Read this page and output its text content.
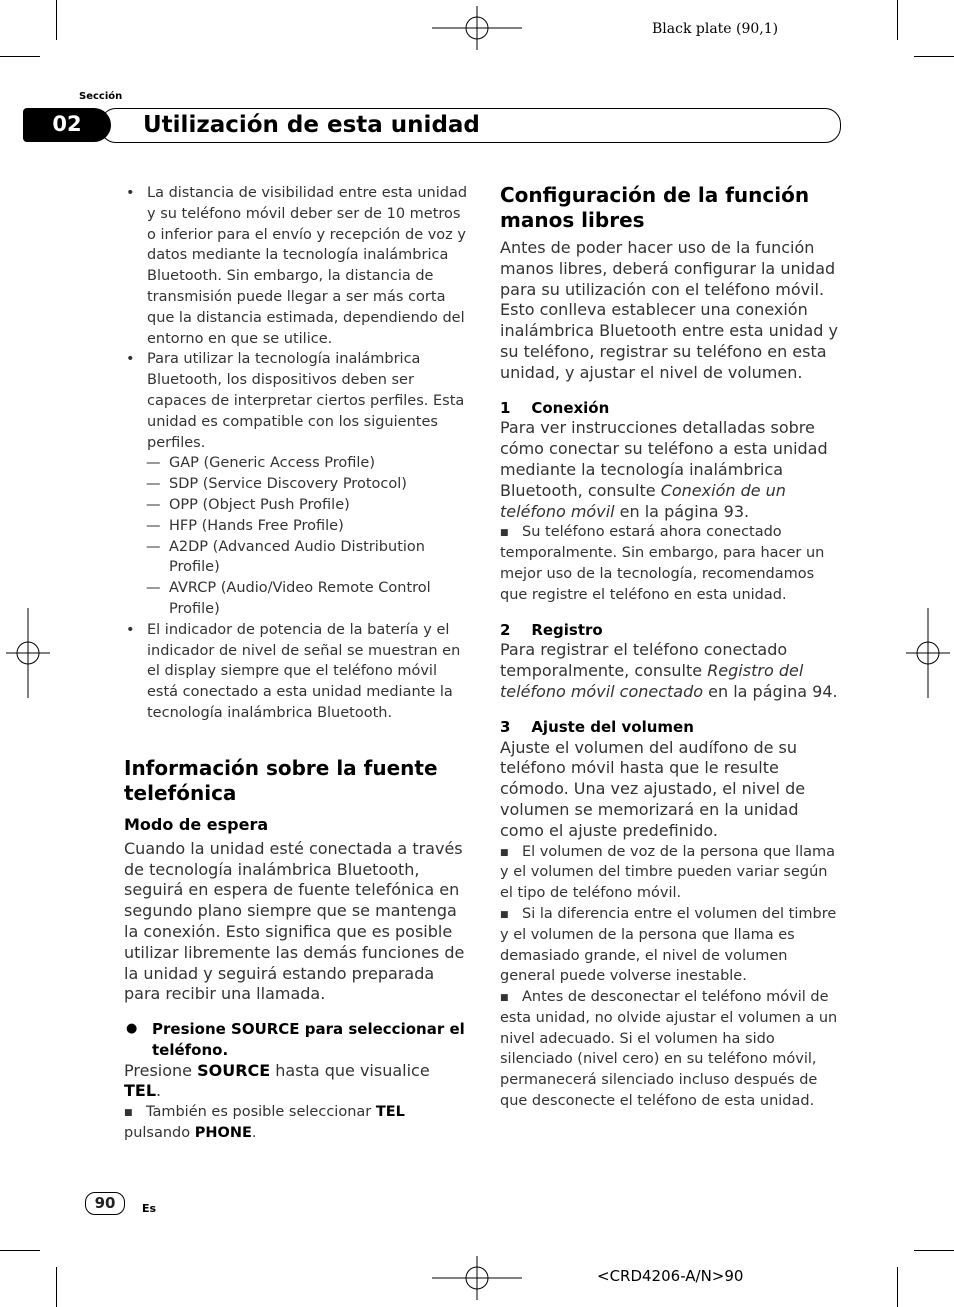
Black plate (90,1)
Sección
02	Utilización de esta unidad

• La distancia de visibilidad entre esta unidad y su teléfono móvil deber ser de 10 metros o inferior para el envío y recepción de voz y datos mediante la tecnología inalámbrica Bluetooth. Sin embargo, la distancia de transmisión puede llegar a ser más corta que la distancia estimada, dependiendo del entorno en que se utilice.

• Para utilizar la tecnología inalámbrica Bluetooth, los dispositivos deben ser capaces de interpretar ciertos perfiles. Esta unidad es compatible con los siguientes perfiles.

— GAP (Generic Access Profile)

— SDP (Service Discovery Protocol)

— OPP (Object Push Profile)

— HFP (Hands Free Profile)

— A2DP (Advanced Audio Distribution Profile)

— AVRCP (Audio/Video Remote Control Profile)

• El indicador de potencia de la batería y el indicador de nivel de señal se muestran en el display siempre que el teléfono móvil está conectado a esta unidad mediante la tecnología inalámbrica Bluetooth.

Información sobre la fuente telefónica
Modo de espera

Cuando la unidad esté conectada a través de tecnología inalámbrica Bluetooth, seguirá en espera de fuente telefónica en segundo plano siempre que se mantenga la conexión. Esto significa que es posible utilizar libremente las demás funciones de la unidad y seguirá estando preparada para recibir una llamada.

● Presione SOURCE para seleccionar el teléfono.

Presione SOURCE hasta que visualice TEL.

■ También es posible seleccionar TEL pulsando PHONE.

Configuración de la función manos libres

Antes de poder hacer uso de la función manos libres, deberá configurar la unidad para su utilización con el teléfono móvil. Esto conlleva establecer una conexión inalámbrica Bluetooth entre esta unidad y su teléfono, registrar su teléfono en esta unidad, y ajustar el nivel de volumen.

1 Conexión

Para ver instrucciones detalladas sobre cómo conectar su teléfono a esta unidad mediante la tecnología inalámbrica Bluetooth, consulte Conexión de un teléfono móvil en la página 93.

■ Su teléfono estará ahora conectado temporalmente. Sin embargo, para hacer un mejor uso de la tecnología, recomendamos que registre el teléfono en esta unidad.

2 Registro

Para registrar el teléfono conectado temporalmente, consulte Registro del teléfono móvil conectado en la página 94.

3 Ajuste del volumen

Ajuste el volumen del audífono de su teléfono móvil hasta que le resulte cómodo. Una vez ajustado, el nivel de volumen se memorizará en la unidad como el ajuste predefinido.

■ El volumen de voz de la persona que llama y el volumen del timbre pueden variar según el tipo de teléfono móvil.

■ Si la diferencia entre el volumen del timbre y el volumen de la persona que llama es demasiado grande, el nivel de volumen general puede volverse inestable.

■ Antes de desconectar el teléfono móvil de esta unidad, no olvide ajustar el volumen a un nivel adecuado. Si el volumen ha sido silenciado (nivel cero) en su teléfono móvil, permanecerá silenciado incluso después de que desconecte el teléfono de esta unidad.

90	Es
<CRD4206-A/N>90
